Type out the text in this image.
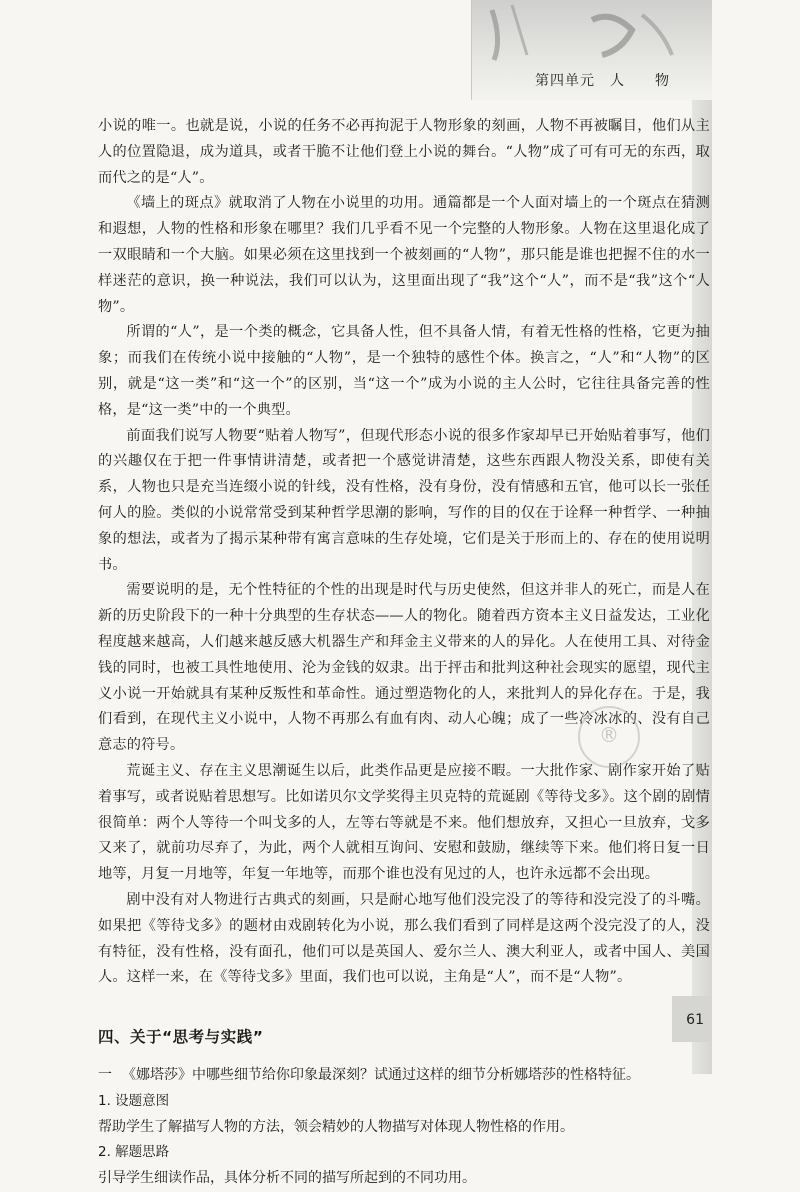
第四单元　人　　物

小说的唯一。也就是说，小说的任务不必再拘泥于人物形象的刻画，人物不再被瞩目，他们从主人的位置隐退，成为道具，或者干脆不让他们登上小说的舞台。“人物”成了可有可无的东西，取而代之的是“人”。

《墙上的斑点》就取消了人物在小说里的功用。通篇都是一个人面对墙上的一个斑点在猜测和遐想，人物的性格和形象在哪里？我们几乎看不见一个完整的人物形象。人物在这里退化成了一双眼睛和一个大脑。如果必须在这里找到一个被刻画的“人物”，那只能是谁也把握不住的水一样迷茫的意识，换一种说法，我们可以认为，这里面出现了“我”这个“人”，而不是“我”这个“人物”。

所谓的“人”，是一个类的概念，它具备人性，但不具备人情，有着无性格的性格，它更为抽象；而我们在传统小说中接触的“人物”，是一个独特的感性个体。换言之，“人”和“人物”的区别，就是“这一类”和“这一个”的区别，当“这一个”成为小说的主人公时，它往往具备完善的性格，是“这一类”中的一个典型。

前面我们说写人物要“贴着人物写”，但现代形态小说的很多作家却早已开始贴着事写，他们的兴趣仅在于把一件事情讲清楚，或者把一个感觉讲清楚，这些东西跟人物没关系，即使有关系，人物也只是充当连缀小说的针线，没有性格，没有身份，没有情感和五官，他可以长一张任何人的脸。类似的小说常常受到某种哲学思潮的影响，写作的目的仅在于诠释一种哲学、一种抽象的想法，或者为了揭示某种带有寓言意味的生存处境，它们是关于形而上的、存在的使用说明书。

需要说明的是，无个性特征的个性的出现是时代与历史使然，但这并非人的死亡，而是人在新的历史阶段下的一种十分典型的生存状态——人的物化。随着西方资本主义日益发达，工业化程度越来越高，人们越来越反感大机器生产和拜金主义带来的人的异化。人在使用工具、对待金钱的同时，也被工具性地使用、沦为金钱的奴隶。出于抨击和批判这种社会现实的愿望，现代主义小说一开始就具有某种反叛性和革命性。通过塑造物化的人，来批判人的异化存在。于是，我们看到，在现代主义小说中，人物不再那么有血有肉、动人心魄；成了一些冷冰冰的、没有自己意志的符号。

荒诞主义、存在主义思潮诞生以后，此类作品更是应接不暇。一大批作家、剧作家开始了贴着事写，或者说贴着思想写。比如诺贝尔文学奖得主贝克特的荒诞剧《等待戈多》。这个剧的剧情很简单：两个人等待一个叫戈多的人，左等右等就是不来。他们想放弃，又担心一旦放弃，戈多又来了，就前功尽弃了，为此，两个人就相互询问、安慰和鼓励，继续等下来。他们将日复一日地等，月复一月地等，年复一年地等，而那个谁也没有见过的人，也许永远都不会出现。

剧中没有对人物进行古典式的刻画，只是耐心地写他们没完没了的等待和没完没了的斗嘴。如果把《等待戈多》的题材由戏剧转化为小说，那么我们看到了同样是这两个没完没了的人，没有特征，没有性格，没有面孔，他们可以是英国人、爱尔兰人、澳大利亚人，或者中国人、美国人。这样一来，在《等待戈多》里面，我们也可以说，主角是“人”，而不是“人物”。

四、关于“思考与实践”

一 《娜塔莎》中哪些细节给你印象最深刻？试通过这样的细节分析娜塔莎的性格特征。

1. 设题意图

帮助学生了解描写人物的方法，领会精妙的人物描写对体现人物性格的作用。

2. 解题思路

引导学生细读作品，具体分析不同的描写所起到的不同功用。

®
61
